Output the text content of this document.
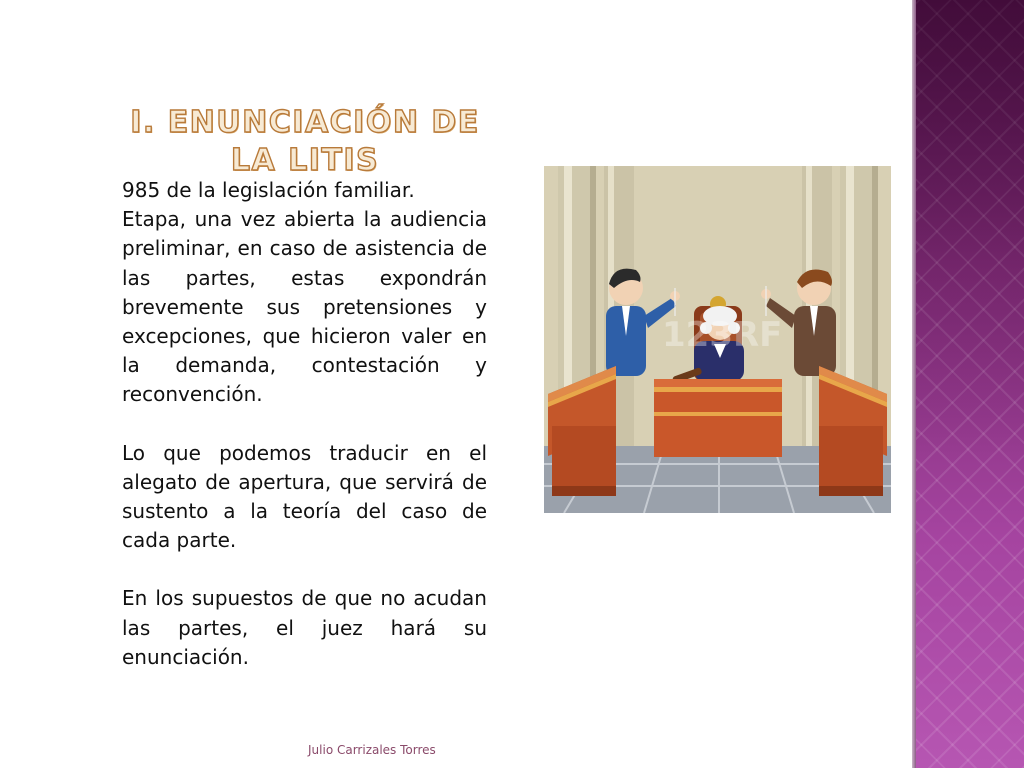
I. ENUNCIACIÓN DE LA LITIS

985 de la legislación familiar.

Etapa, una vez abierta la audiencia preliminar, en caso de asistencia de las partes, estas expondrán brevemente sus pretensiones y excepciones, que hicieron valer en la demanda, contestación y reconvención.

Lo que podemos traducir en el alegato de apertura, que servirá de sustento a la teoría del caso de cada parte.

En los supuestos de que no acudan las partes, el juez hará su enunciación.

123RF
Julio Carrizales Torres
